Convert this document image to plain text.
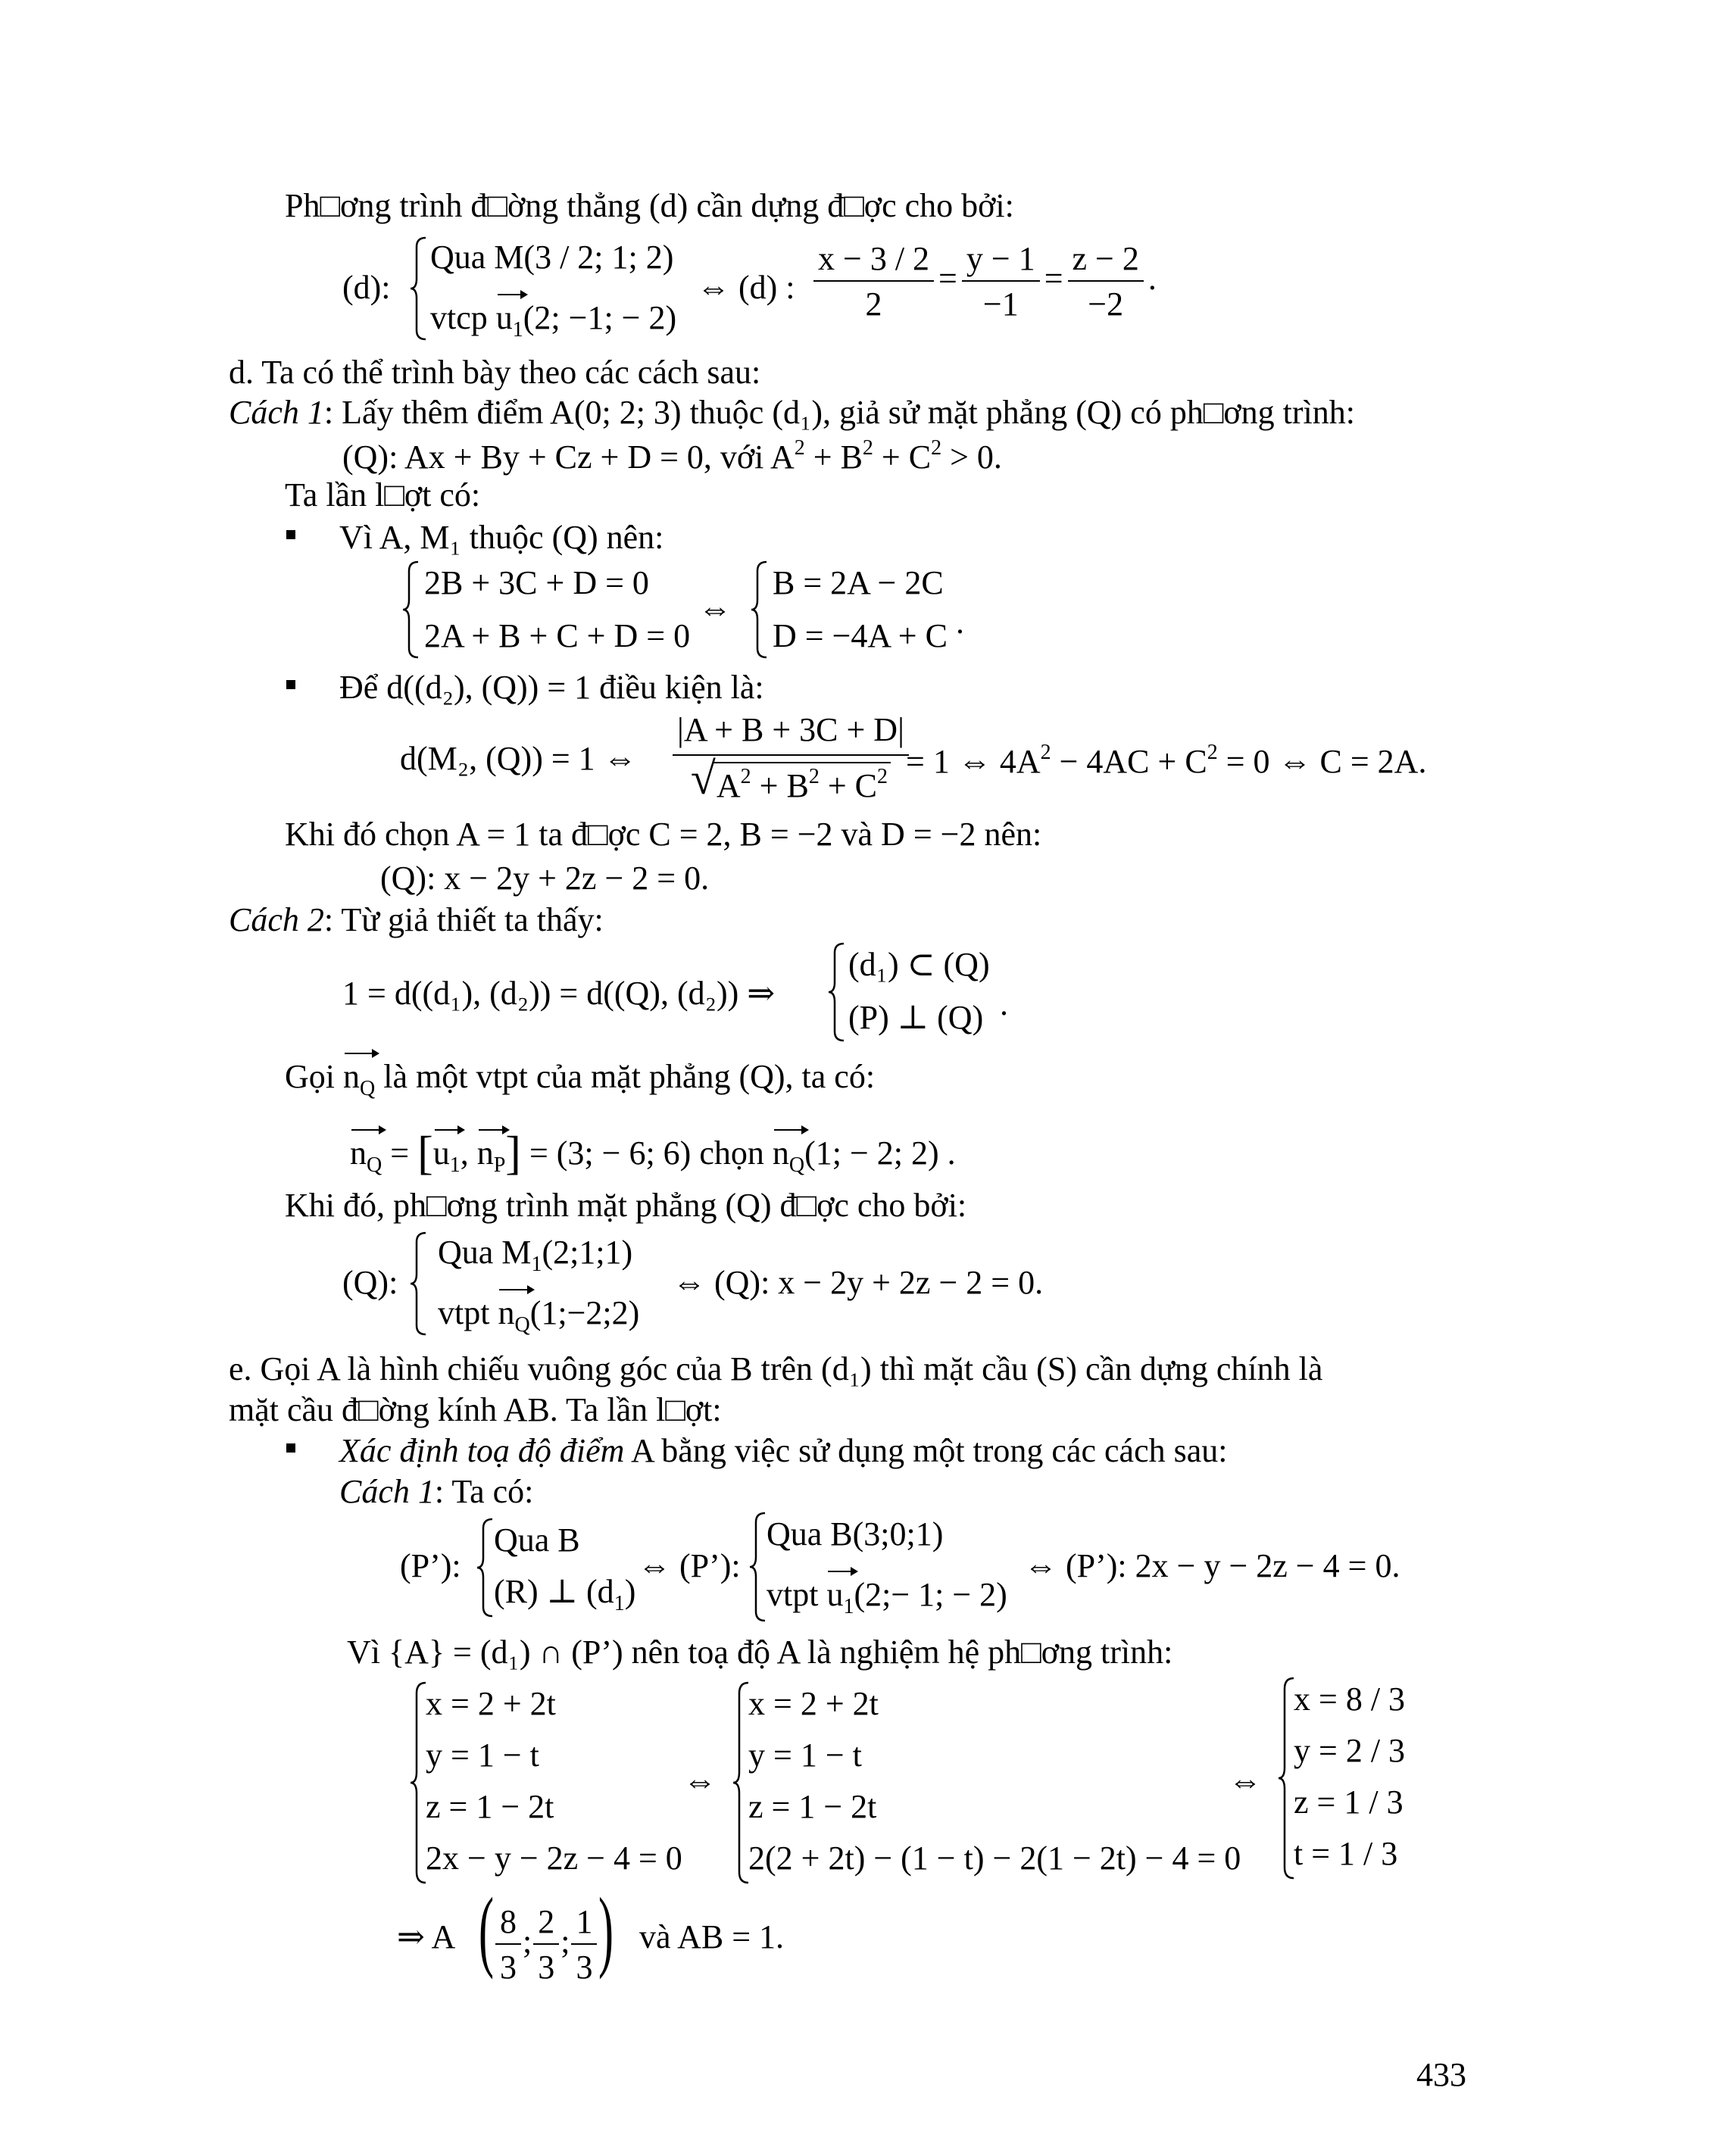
Ph□ơng trình đ□ờng thẳng (d) cần dựng đ□ợc cho bởi:
(d):
Qua M(3 / 2; 1; 2)
vtcp $u_1(2$; −1; − 2)
⇔ (d) : $\frac{x - 3 / 2}{2} = \frac{y - 1}{-1} = \frac{z - 2}{-2}$ .
d. Ta có thể trình bày theo các cách sau:
Cách 1: Lấy thêm điểm A(0; 2; 3) thuộc (d₁), giả sử mặt phẳng (Q) có ph□ơng trình:
(Q): Ax + By + Cz + D = 0, với $A^2 + B^2 + C^2 > 0$.
Ta lần l□ợt có:
Vì A, M₁ thuộc (Q) nên:
2B + 3C + D = 0
2A + B + C + D = 0
⇔
B = 2A − 2C
D = −4A + C .
Để d((d₂), (Q)) = 1 điều kiện là:
d(M₂, (Q)) = 1 ⇔ |A + B + 3C + D|
√ $A^2 + B^2 + C^2$
= 1 ⇔ $4A^2 - 4AC + C^2 = 0$ ⇔ C = 2A.
Khi đó chọn A = 1 ta đ□ợc C = 2, B = −2 và D = −2 nên:
(Q): x − 2y + 2z − 2 = 0.
Cách 2: Từ giả thiết ta thấy:
1 = d((d₁), (d₂)) = d((Q), (d₂)) ⇒
(d₁) ⊂ (Q)
(P) ⊥ (Q) .
Gọi $n_Q$ là một vtpt của mặt phẳng (Q), ta có:
$n_Q = [u_1$, $n_P] = (3$; − 6; 6) chọn $n_Q(1$; − 2; 2) .
Khi đó, ph□ơng trình mặt phẳng (Q) đ□ợc cho bởi:
(Q):
Qua $M_1(2;1;1)$
vtpt $n_Q(1;-2;2)$
⇔ (Q): x − 2y + 2z − 2 = 0.
e. Gọi A là hình chiếu vuông góc của B trên (d₁) thì mặt cầu (S) cần dựng chính là
mặt cầu đ□ờng kính AB. Ta lần l□ợt:
Xác định toạ độ điểm A bằng việc sử dụng một trong các cách sau:
Cách 1: Ta có:
(P’):
Qua B
(R) ⊥ $(d_1)$
⇔ (P’):
Qua B(3;0;1)
vtpt $u_1(2;- 1$; − 2)
⇔ (P’): 2x − y − 2z − 4 = 0.
Vì {A} = (d₁) ∩ (P’) nên toạ độ A là nghiệm hệ ph□ơng trình:
x = 2 + 2t
y = 1 − t
z = 1 − 2t
2x − y − 2z − 4 = 0
⇔
x = 2 + 2t
y = 1 − t
z = 1 − 2t
2(2 + 2t) − (1 − t) − 2(1 − 2t) − 4 = 0
⇔
x = 8 / 3
y = 2 / 3
z = 1 / 3
t = 1 / 3
⇒ A ( $\frac{8}{3}$ ; $\frac{2}{3}$ ; $\frac{1}{3}$ ) và AB = 1.
433
